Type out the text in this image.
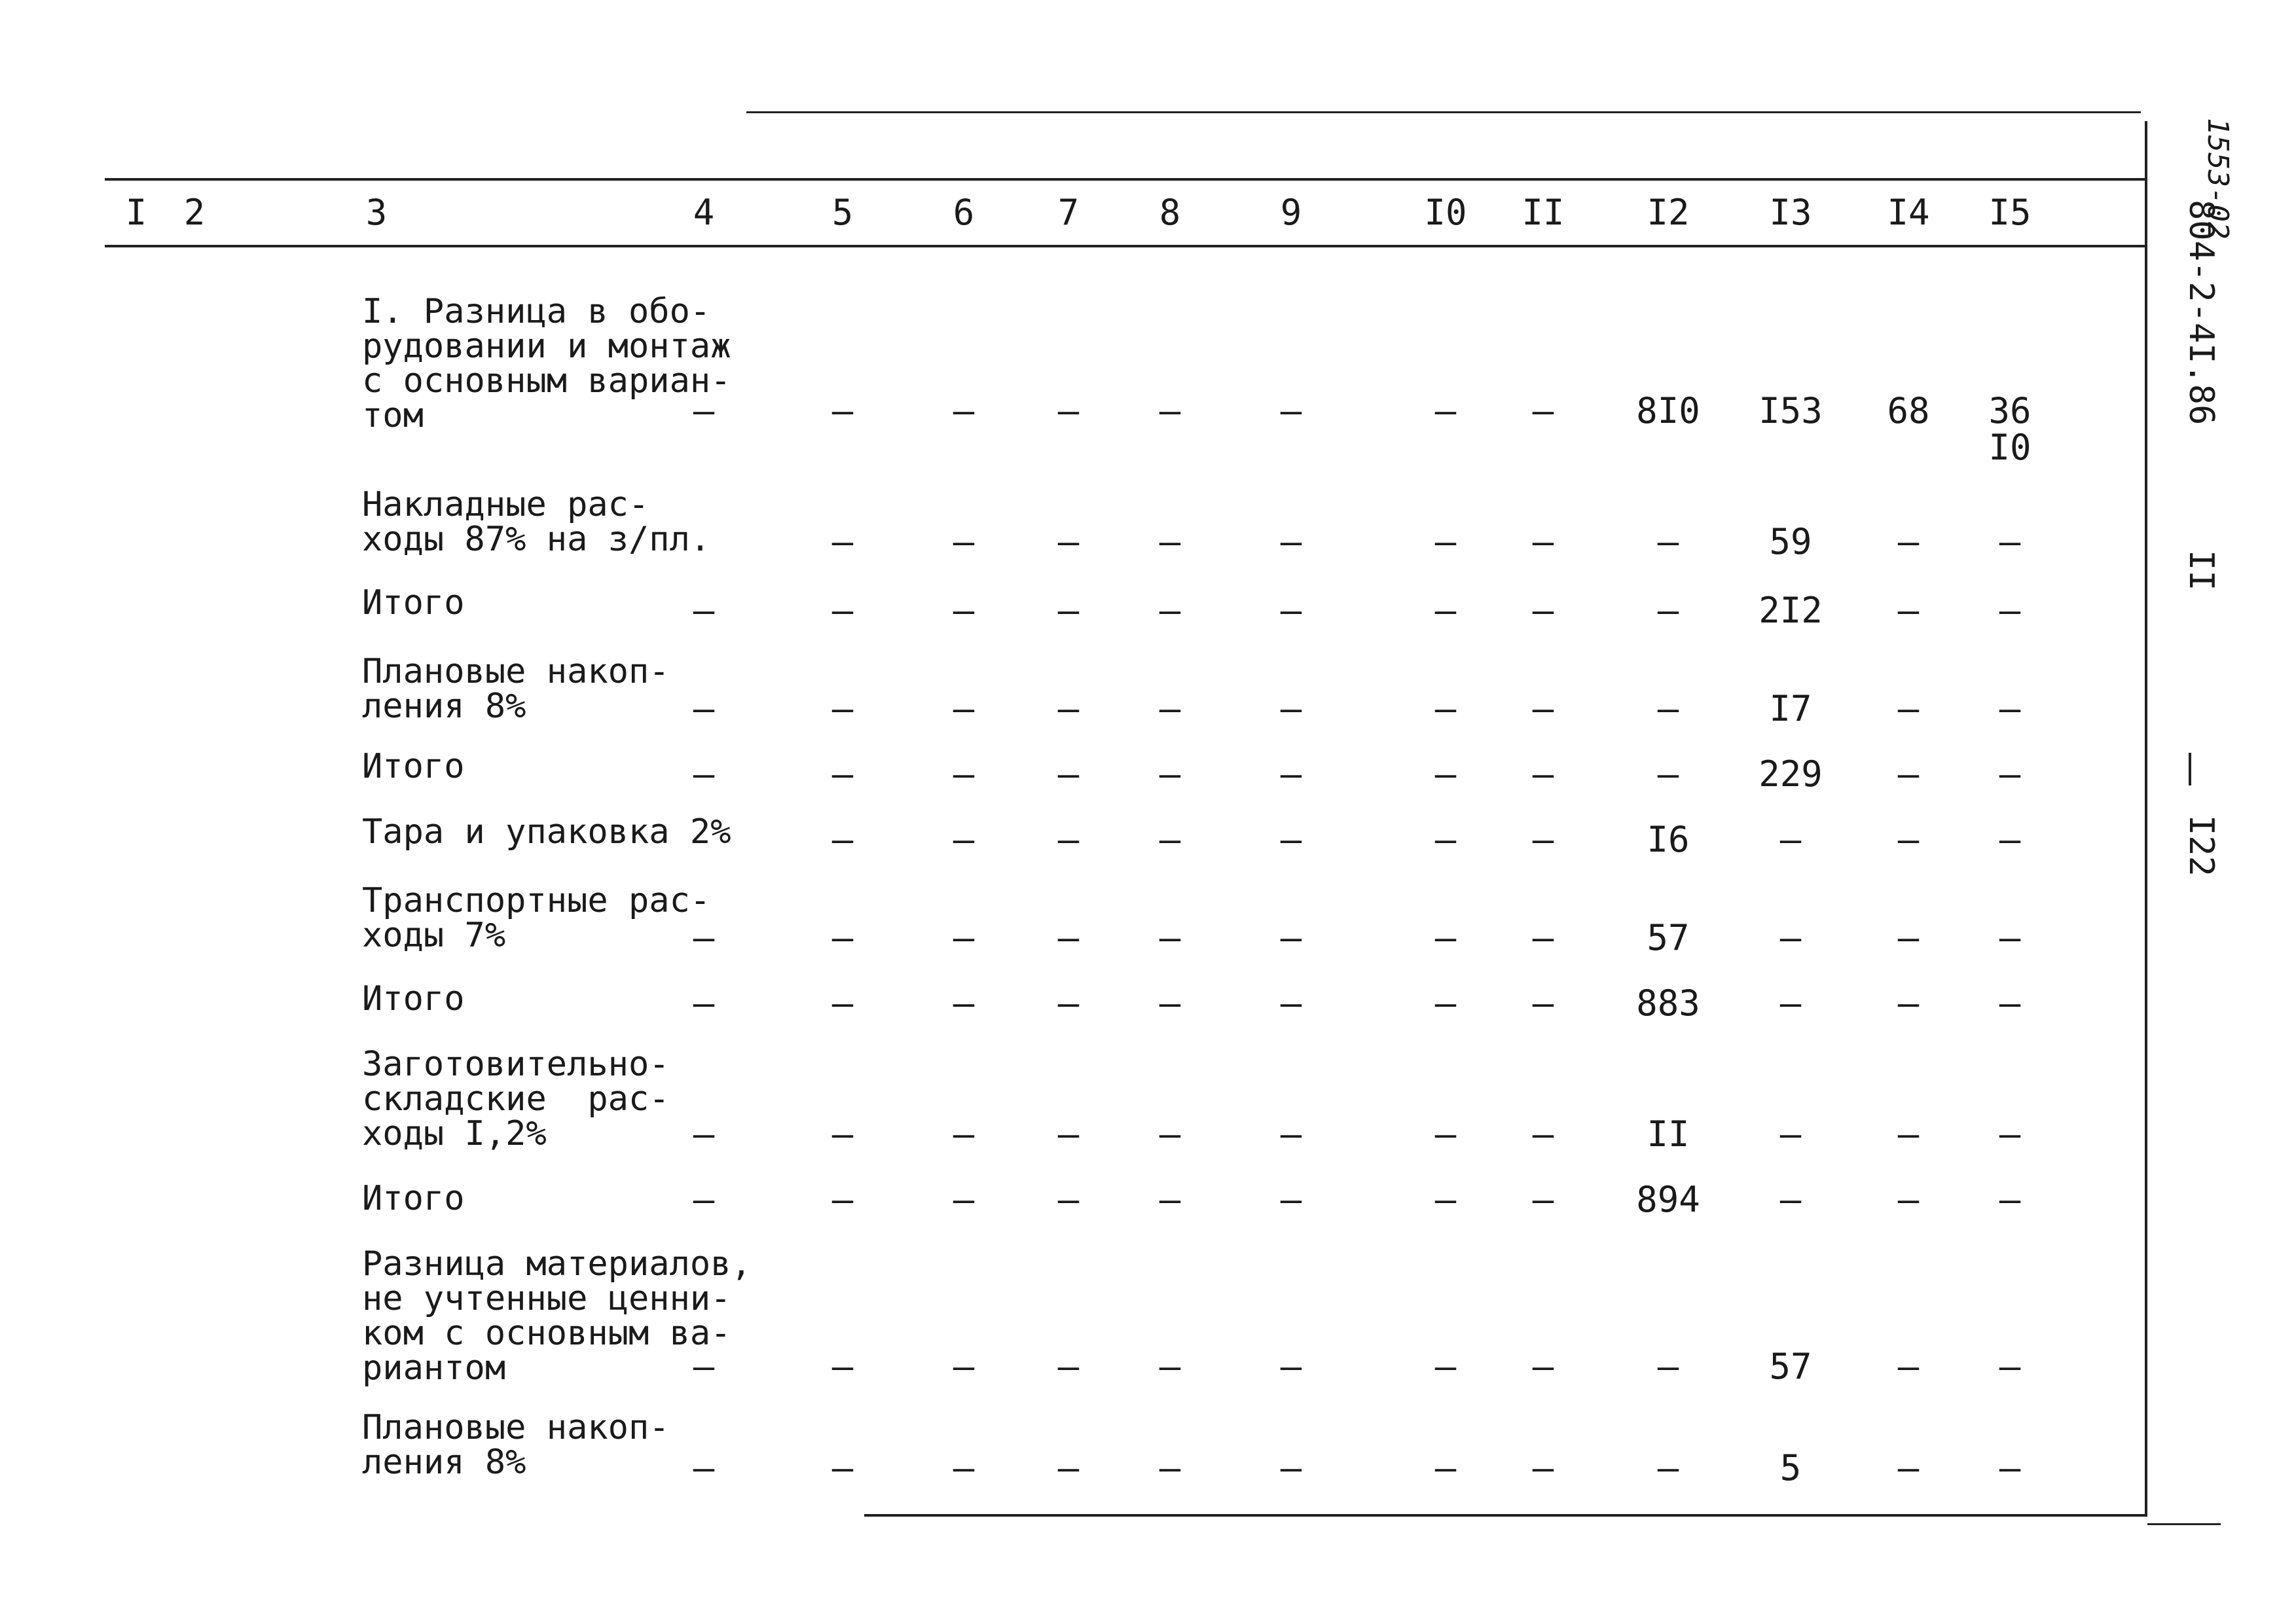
I 2	3	4	5	6 7 8	9	I0 II I2 I3 I4 I5
I. Разница в обо-
рудовании и монтаж
с основным вариан-
том	–	–	– – –	–	– – 8I0 I53 68 36
I0
Накладные рас-
ходы 87% на з/пл.	–	– – –	–	– –	–	59 – –
Итого	–	–	– – –	–	– –	– 2I2 – –
Плановые накоп-
ления 8%	–	–	– – –	–	– –	–	I7 – –
Итого	–	–	– – –	–	– –	– 229 – –
Тара и упаковка 2%	–	– – –	–	– –	I6	–	– –
Транспортные рас-
ходы 7%	–	–	– – –	–	– –	57	–	– –
Итого	–	–	– – –	–	– – 883 –	– –
Заготовительно-
складские  рас-
ходы I,2%	–	–	– – –	–	– –	II	–	– –
Итого	–	–	– – –	–	– – 894 –	– –
Разница материалов,
не учтенные ценни-
ком с основным ва-
риантом	–	–	– – –	–	– –	–	57 – –
Плановые накоп-
ления 8%	–	–	– – –	–	– –	–	5	– –
804-2-4I.86
II
I22
1553-02
